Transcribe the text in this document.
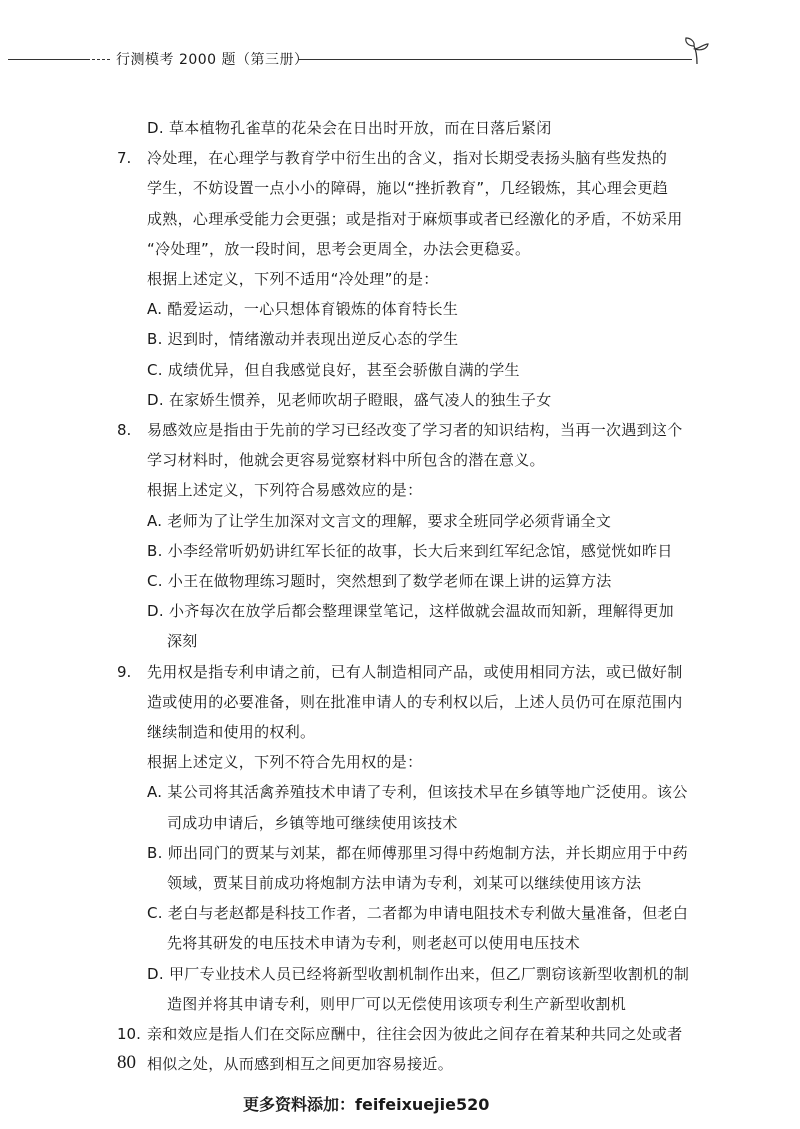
行测模考 2000 题（第三册）
D. 草本植物孔雀草的花朵会在日出时开放，而在日落后紧闭
7. 冷处理，在心理学与教育学中衍生出的含义，指对长期受表扬头脑有些发热的
学生，不妨设置一点小小的障碍，施以“挫折教育”，几经锻炼，其心理会更趋
成熟，心理承受能力会更强；或是指对于麻烦事或者已经激化的矛盾，不妨采用
“冷处理”，放一段时间，思考会更周全，办法会更稳妥。
根据上述定义，下列不适用“冷处理”的是：
A. 酷爱运动，一心只想体育锻炼的体育特长生
B. 迟到时，情绪激动并表现出逆反心态的学生
C. 成绩优异，但自我感觉良好，甚至会骄傲自满的学生
D. 在家娇生惯养，见老师吹胡子瞪眼，盛气凌人的独生子女
8. 易感效应是指由于先前的学习已经改变了学习者的知识结构，当再一次遇到这个
学习材料时，他就会更容易觉察材料中所包含的潜在意义。
根据上述定义，下列符合易感效应的是：
A. 老师为了让学生加深对文言文的理解，要求全班同学必须背诵全文
B. 小李经常听奶奶讲红军长征的故事，长大后来到红军纪念馆，感觉恍如昨日
C. 小王在做物理练习题时，突然想到了数学老师在课上讲的运算方法
D. 小齐每次在放学后都会整理课堂笔记，这样做就会温故而知新，理解得更加
深刻
9. 先用权是指专利申请之前，已有人制造相同产品，或使用相同方法，或已做好制
造或使用的必要准备，则在批准申请人的专利权以后，上述人员仍可在原范围内
继续制造和使用的权利。
根据上述定义，下列不符合先用权的是：
A. 某公司将其活禽养殖技术申请了专利，但该技术早在乡镇等地广泛使用。该公
司成功申请后，乡镇等地可继续使用该技术
B. 师出同门的贾某与刘某，都在师傅那里习得中药炮制方法，并长期应用于中药
领域，贾某目前成功将炮制方法申请为专利，刘某可以继续使用该方法
C. 老白与老赵都是科技工作者，二者都为申请电阻技术专利做大量准备，但老白
先将其研发的电压技术申请为专利，则老赵可以使用电压技术
D. 甲厂专业技术人员已经将新型收割机制作出来，但乙厂剽窃该新型收割机的制
造图并将其申请专利，则甲厂可以无偿使用该项专利生产新型收割机
10. 亲和效应是指人们在交际应酬中，往往会因为彼此之间存在着某种共同之处或者
相似之处，从而感到相互之间更加容易接近。
80
更多资料添加：feifeixuejie520
